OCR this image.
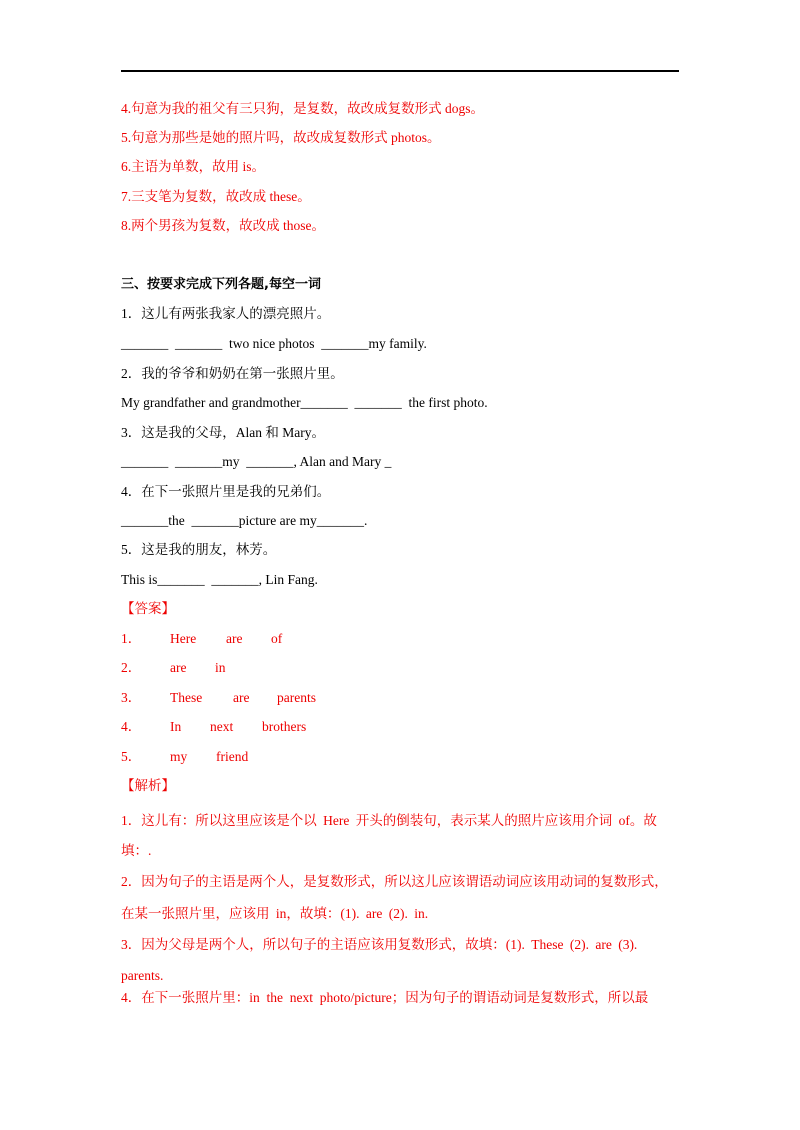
4.句意为我的祖父有三只狗，是复数，故改成复数形式 dogs。
5.句意为那些是她的照片吗，故改成复数形式 photos。
6.主语为单数，故用 is。
7.三支笔为复数，故改成 these。
8.两个男孩为复数，故改成 those。
三、按要求完成下列各题,每空一词
1．这儿有两张我家人的漂亮照片。
_______  _______  two nice photos  _______my family.
2．我的爷爷和奶奶在第一张照片里。
My grandfather and grandmother_______  _______  the first photo.
3．这是我的父母，Alan 和 Mary。
_______  _______my  _______, Alan and Mary _
4．在下一张照片里是我的兄弟们。
_______the  _______picture are my_______.
5．这是我的朋友，林芳。
This is_______  _______, Lin Fang.
【答案】
1． Here are of
2． are in
3． These are parents
4． In next brothers
5． my friend
【解析】
1．这儿有：所以这里应该是个以 Here 开头的倒装句，表示某人的照片应该用介词 of。故填：.
2．因为句子的主语是两个人，是复数形式，所以这儿应该谓语动词应该用动词的复数形式，在某一张照片里，应该用 in，故填：(1). are (2). in.
3．因为父母是两个人，所以句子的主语应该用复数形式，故填：(1). These (2). are (3). parents.
4．在下一张照片里：in  the  next  photo/picture；因为句子的谓语动词是复数形式，所以最
